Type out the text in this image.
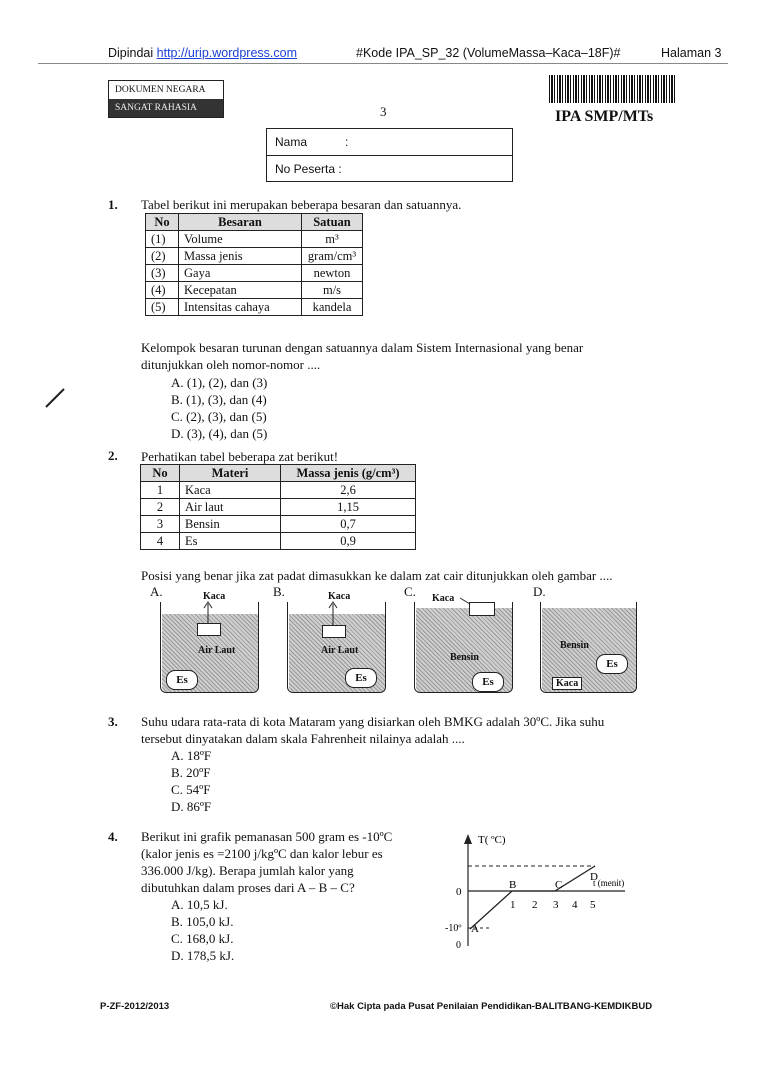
Dipindai http://urip.wordpress.com	#Kode IPA_SP_32 (VolumeMassa–Kaca–18F)#	Halaman 3
DOKUMEN NEGARA
SANGAT RAHASIA	3	IPA SMP/MTs
Nama	:
No Peserta :
1. Tabel berikut ini merupakan beberapa besaran dan satuannya.
No	Besaran	Satuan
(1)	Volume	m³
(2)	Massa jenis	gram/cm³
(3)	Gaya	newton
(4)	Kecepatan	m/s
(5)	Intensitas cahaya	kandela
Kelompok besaran turunan dengan satuannya dalam Sistem Internasional yang benar
ditunjukkan oleh nomor-nomor ....
A. (1), (2), dan (3)
B. (1), (3), dan (4)
C. (2), (3), dan (5)
D. (3), (4), dan (5)
2. Perhatikan tabel beberapa zat berikut!
No	Materi	Massa jenis (g/cm³)
1	Kaca	2,6
2	Air laut	1,15
3	Bensin	0,7
4	Es	0,9
Posisi yang benar jika zat padat dimasukkan ke dalam zat cair ditunjukkan oleh gambar ....
A.
Air Laut
Es
Kaca	B.
Air Laut
Es
Kaca	C.
Bensin
Es
Kaca	D.
Bensin
Es
Kaca
3. Suhu udara rata-rata di kota Mataram yang disiarkan oleh BMKG adalah 30ºC. Jika suhu
tersebut dinyatakan dalam skala Fahrenheit nilainya adalah ....
A. 18ºF
B. 20ºF
C. 54ºF
D. 86ºF
4. Berikut ini grafik pemanasan 500 gram es -10ºC
(kalor jenis es =2100 j/kgºC dan kalor lebur es
336.000 J/kg). Berapa jumlah kalor yang
dibutuhkan dalam proses dari A – B – C?
A. 10,5 kJ.
B. 105,0 kJ.
C. 168,0 kJ.
D. 178,5 kJ.
T( ºC)
t (menit)
0
-10º
0
1 2 3 4 5
A
B	C
D
P-ZF-2012/2013	©Hak Cipta pada Pusat Penilaian Pendidikan-BALITBANG-KEMDIKBUD
